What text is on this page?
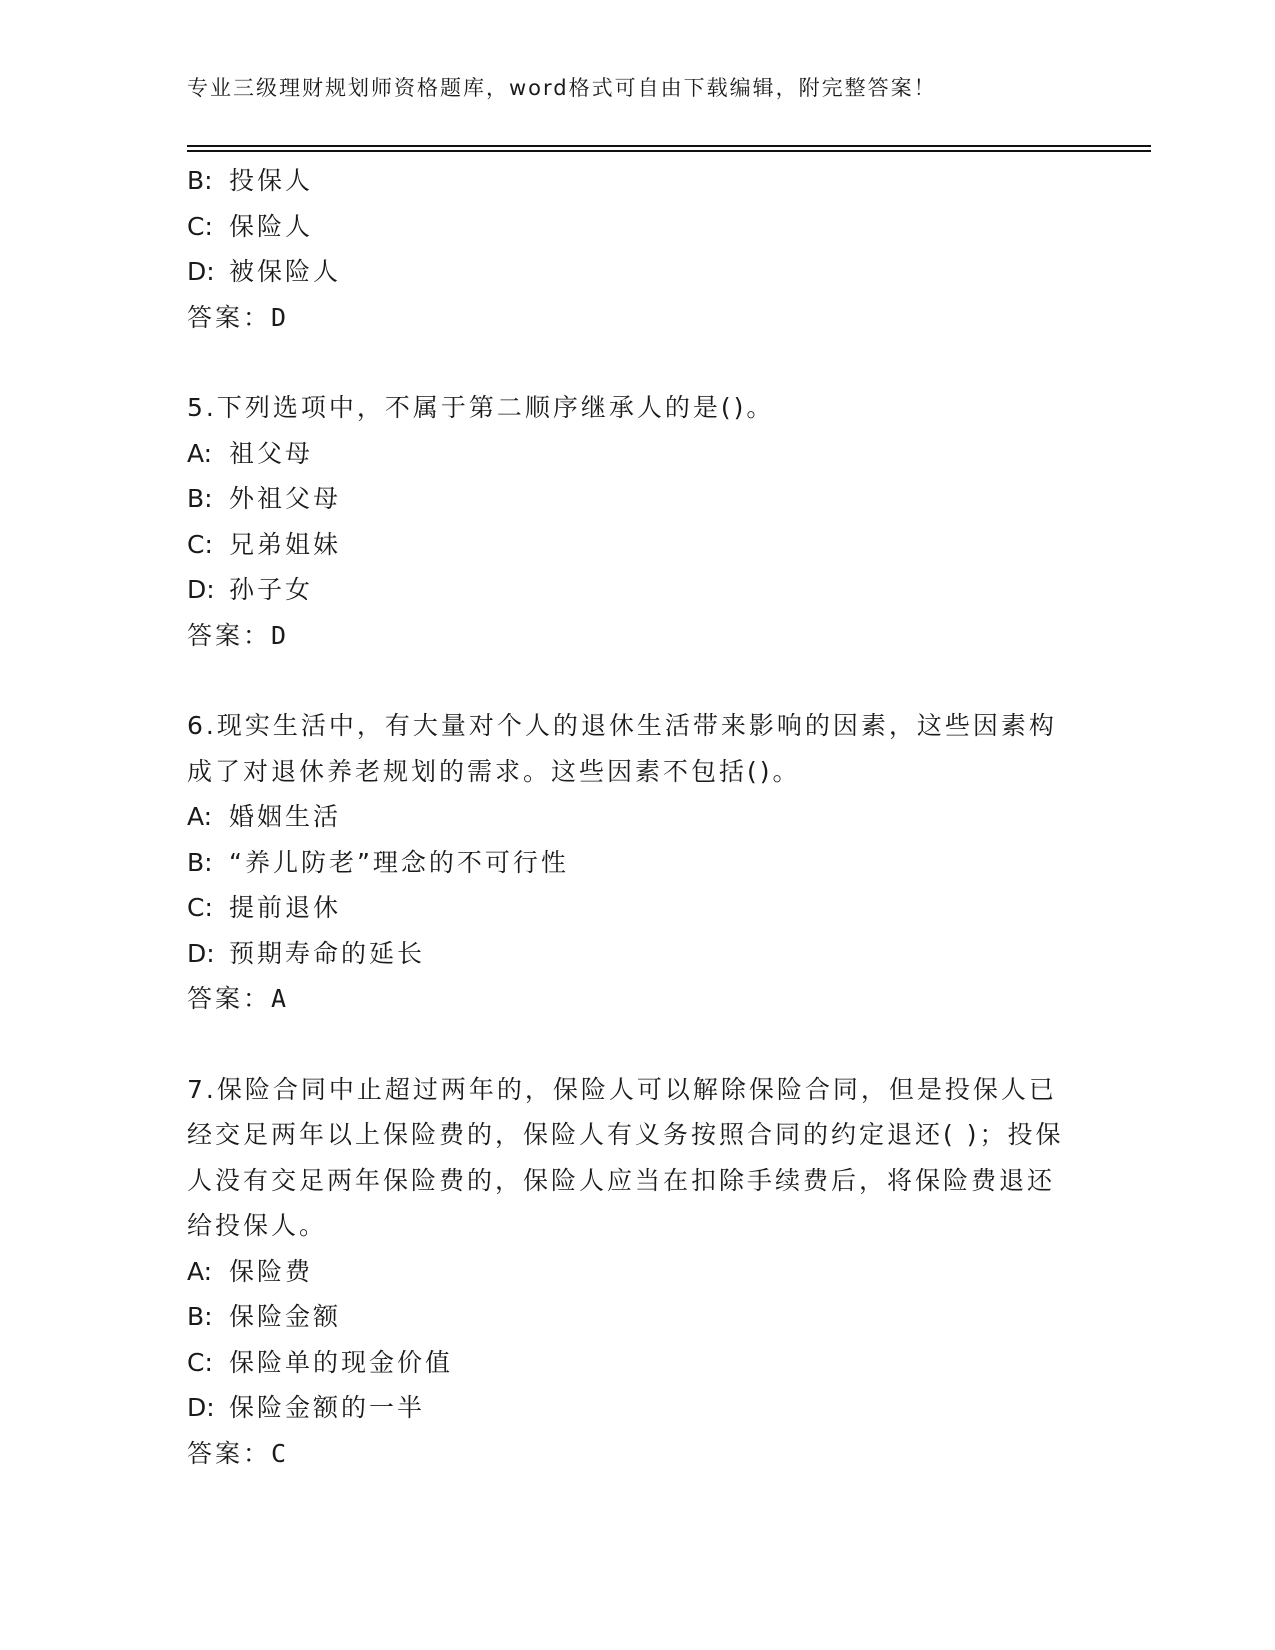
专业三级理财规划师资格题库，word格式可自由下载编辑，附完整答案！
B: 投保人
C: 保险人
D: 被保险人
答案：D
5.下列选项中，不属于第二顺序继承人的是()。
A: 祖父母
B: 外祖父母
C: 兄弟姐妹
D: 孙子女
答案：D
6.现实生活中，有大量对个人的退休生活带来影响的因素，这些因素构成了对退休养老规划的需求。这些因素不包括()。
A: 婚姻生活
B: “养儿防老”理念的不可行性
C: 提前退休
D: 预期寿命的延长
答案：A
7.保险合同中止超过两年的，保险人可以解除保险合同，但是投保人已经交足两年以上保险费的，保险人有义务按照合同的约定退还( )；投保人没有交足两年保险费的，保险人应当在扣除手续费后，将保险费退还给投保人。
A: 保险费
B: 保险金额
C: 保险单的现金价值
D: 保险金额的一半
答案：C
